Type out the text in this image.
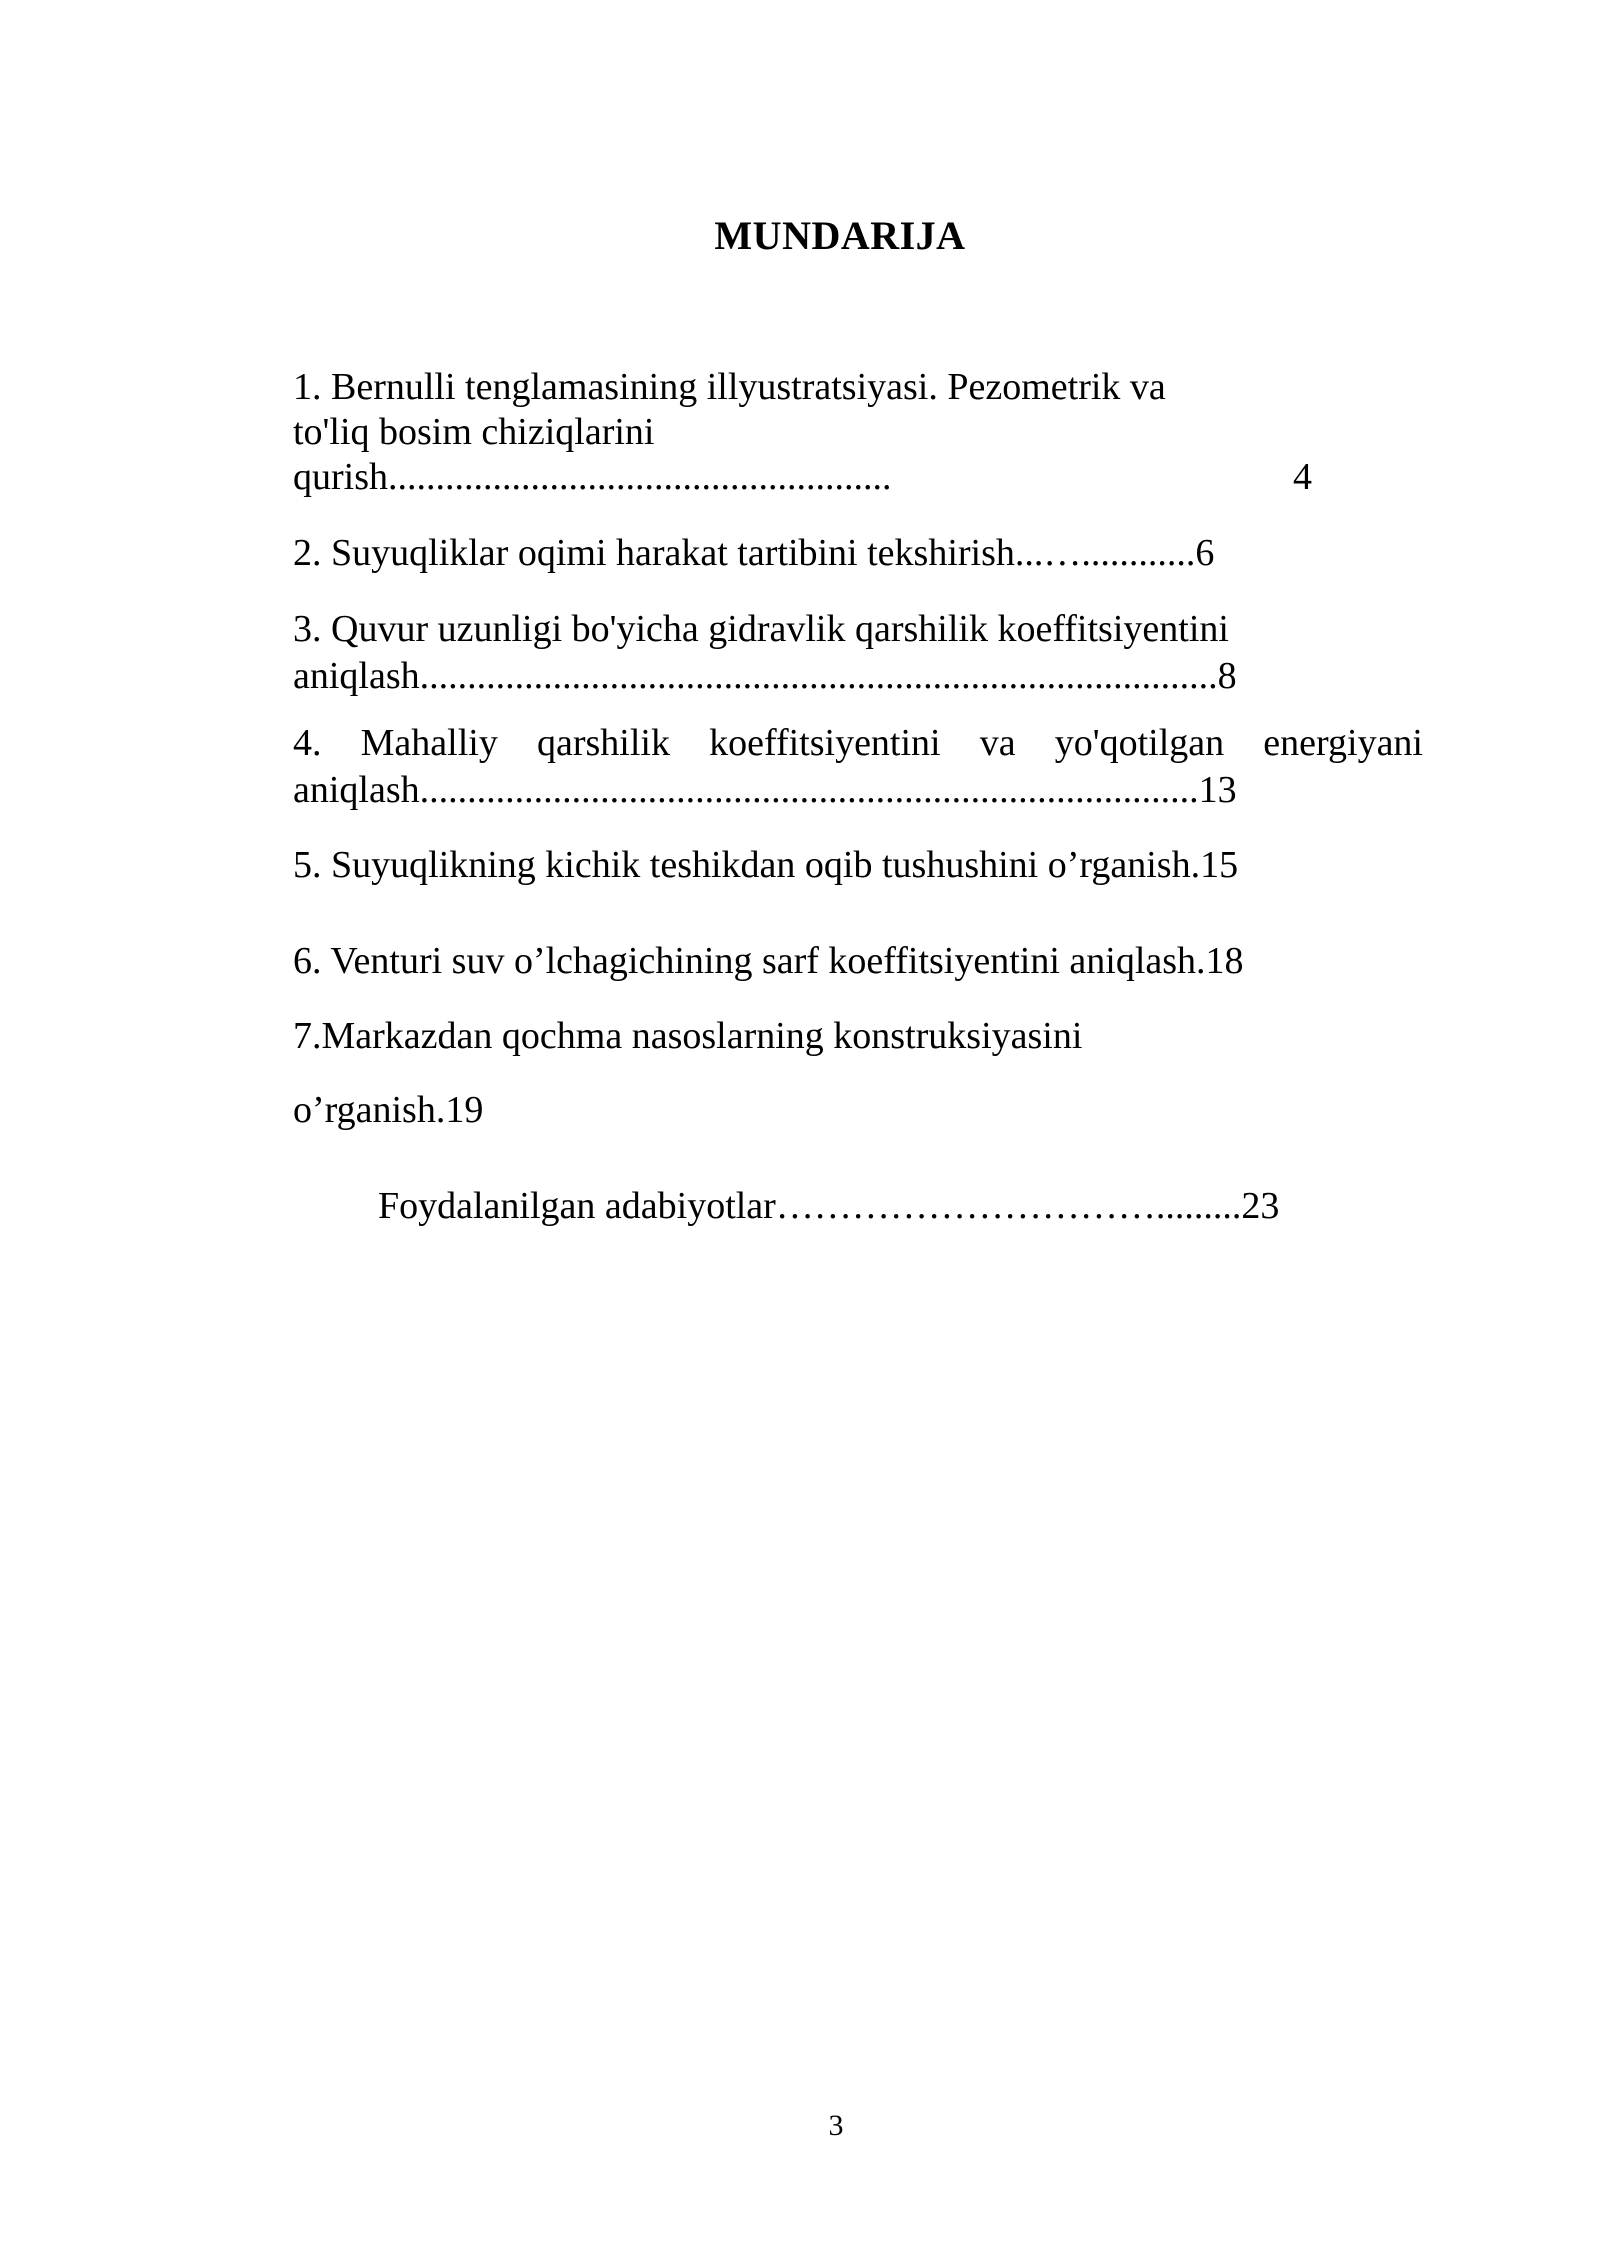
MUNDARIJA
1. Bernulli tenglamasining illyustratsiyasi. Pezometrik va
to'liq bosim chiziqlarini
qurish.....................................................	4
2. Suyuqliklar oqimi harakat tartibini tekshirish...…............6
3. Quvur uzunligi bo'yicha gidravlik qarshilik koeffitsiyentini
aniqlash....................................................................................8
4. Mahalliy qarshilik koeffitsiyentini va yo'qotilgan energiyani
aniqlash..................................................................................13
5. Suyuqlikning kichik teshikdan oqib tushushini o’rganish.15
6. Venturi suv o’lchagichining sarf koeffitsiyentini aniqlash.18
7.Markazdan qochma nasoslarning konstruksiyasini
o’rganish.19
Foydalanilgan adabiyotlar………………………….........23
3
